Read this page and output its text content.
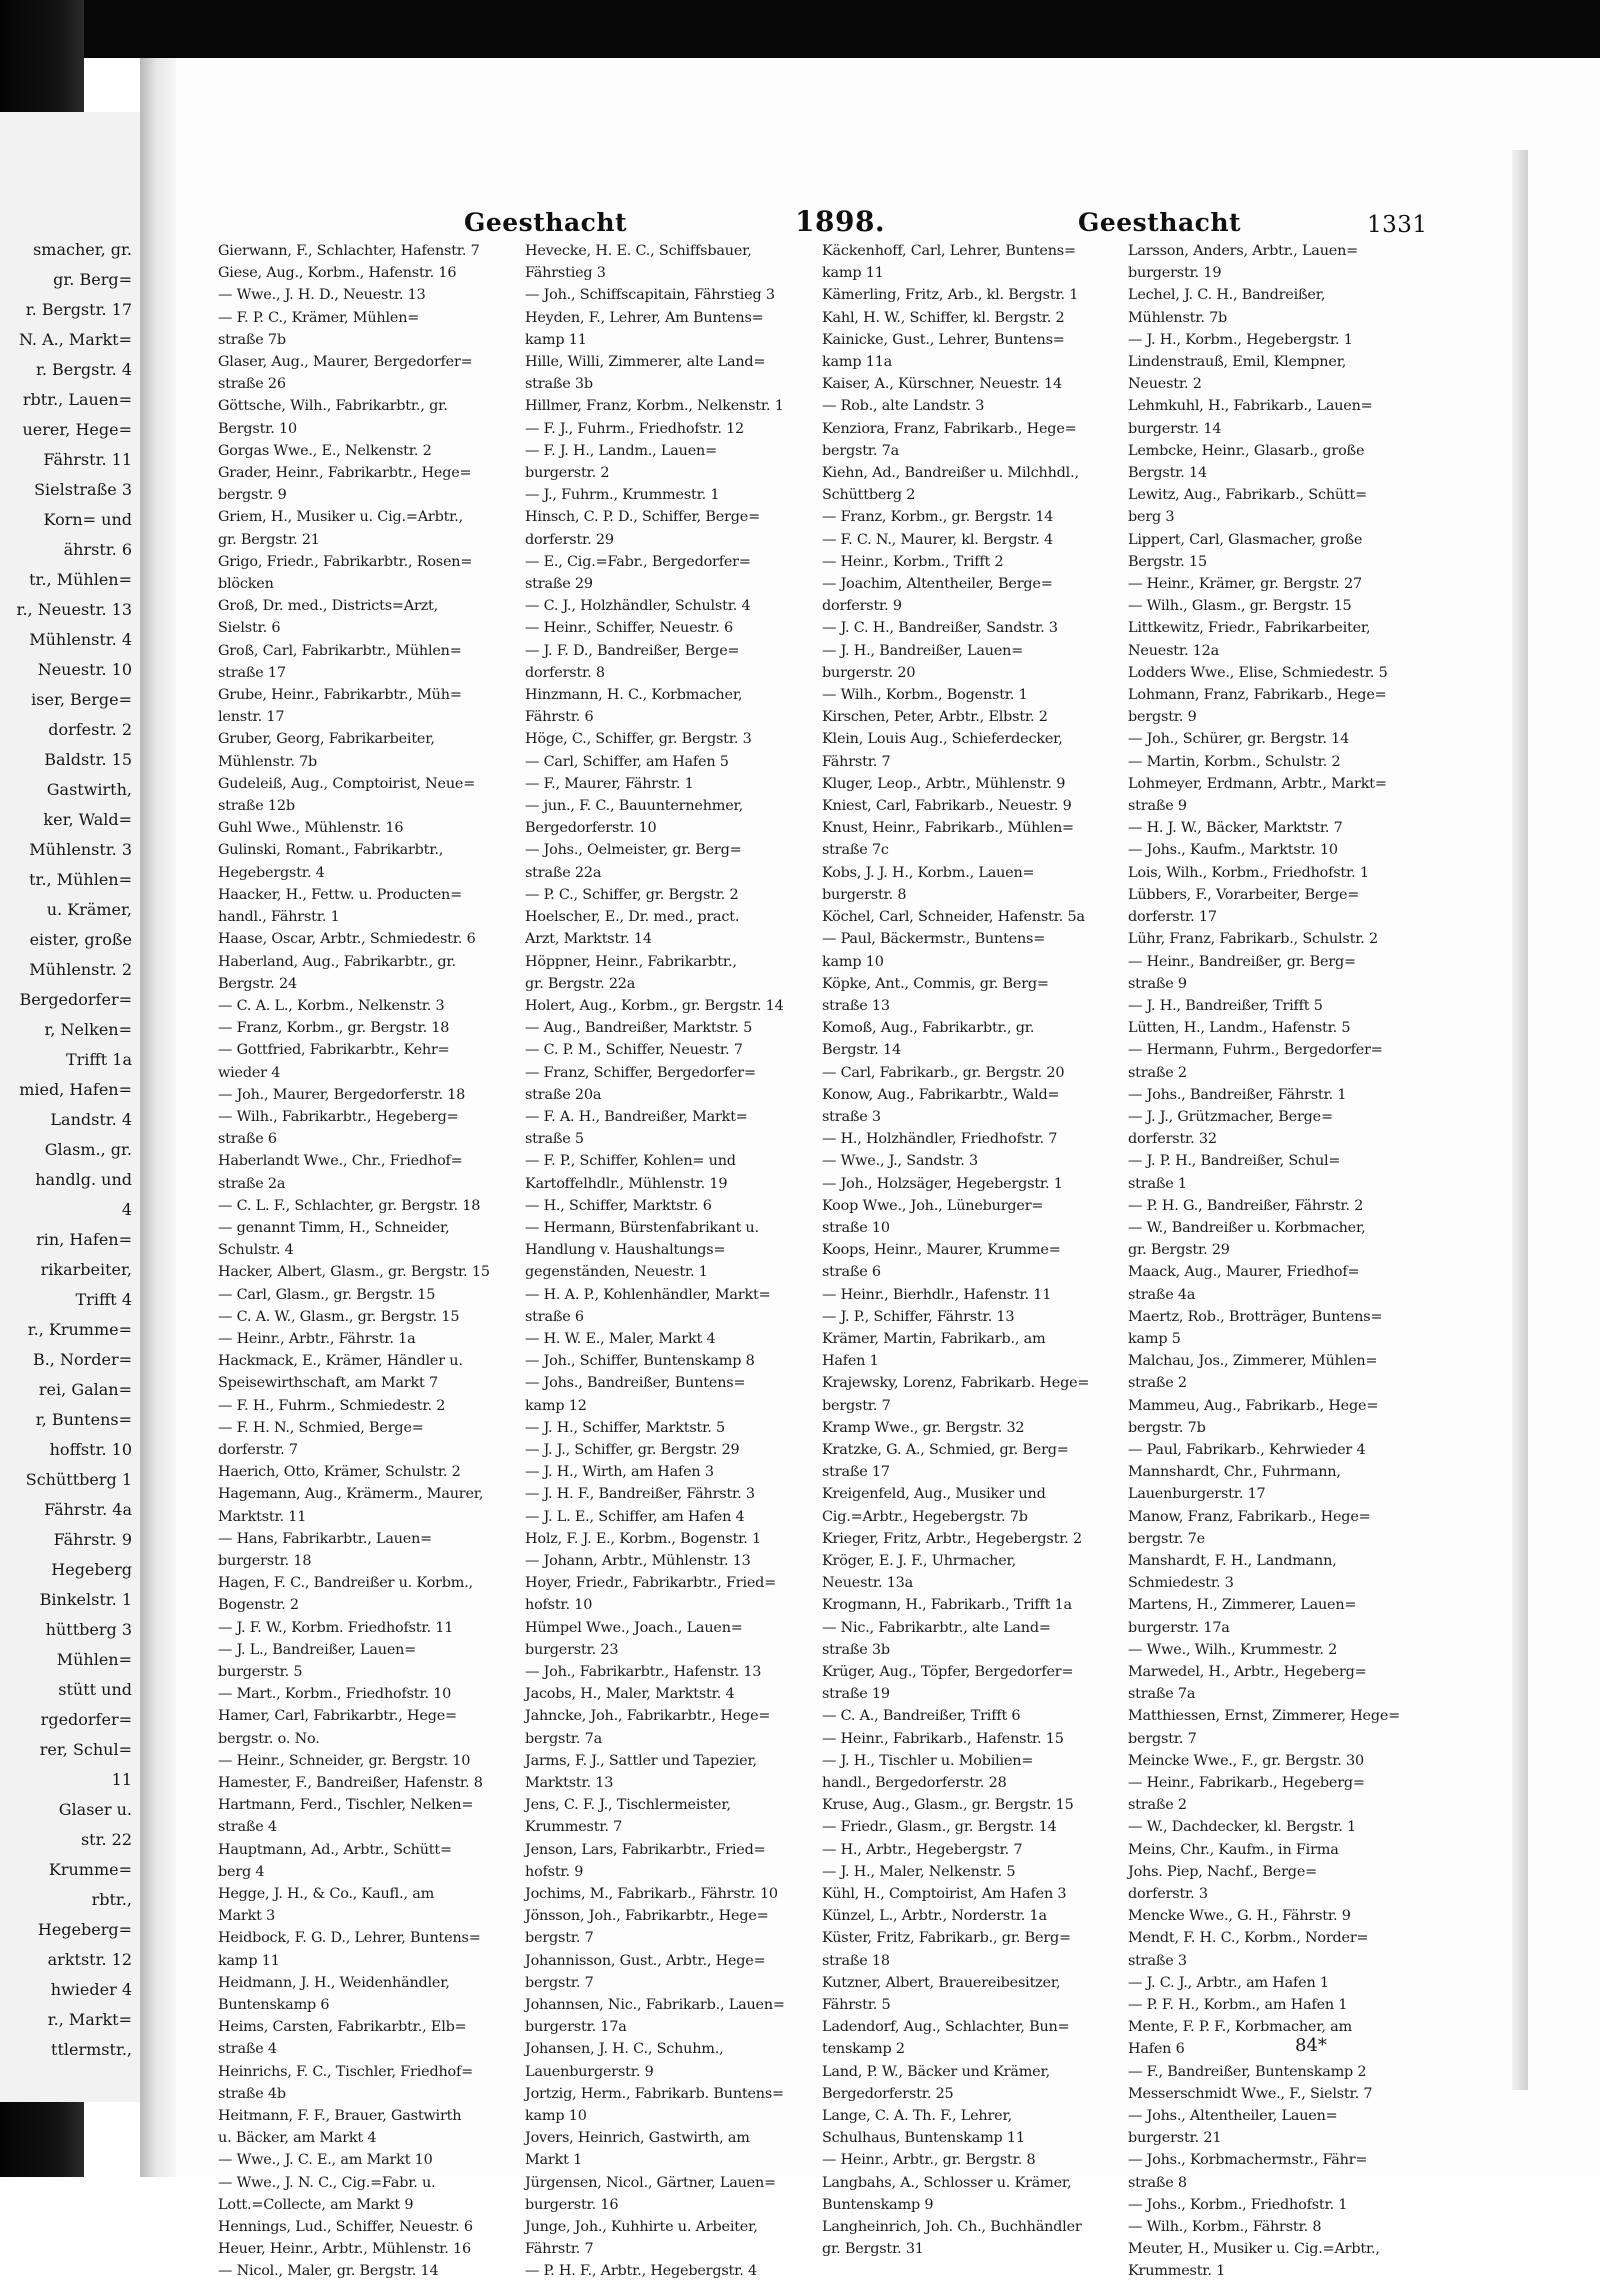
smacher, gr.
gr. Berg=
r. Bergstr. 17
N. A., Markt=
r. Bergstr. 4
rbtr., Lauen=
uerer, Hege=
Fährstr. 11
Sielstraße 3
Korn= und
ährstr. 6
tr., Mühlen=
r., Neuestr. 13
Mühlenstr. 4
Neuestr. 10
iser, Berge=
dorfestr. 2
Baldstr. 15
Gastwirth,
ker, Wald=
Mühlenstr. 3
tr., Mühlen=
u. Krämer,
eister, große
Mühlenstr. 2
Bergedorfer=
r, Nelken=
Trifft 1a
mied, Hafen=
Landstr. 4
Glasm., gr.
handlg. und
4
rin, Hafen=
rikarbeiter,
Trifft 4
r., Krumme=
B., Norder=
rei, Galan=
r, Buntens=
hoffstr. 10
Schüttberg 1
Fährstr. 4a
Fährstr. 9
Hegeberg
Binkelstr. 1
hüttberg 3
Mühlen=
stütt und
rgedorfer=
rer, Schul=
11
Glaser u.
str. 22
Krumme=
rbtr.,
Hegeberg=
arktstr. 12
hwieder 4
r., Markt=
ttlermstr.,
Geesthacht	1898.	Geesthacht	1331
Gierwann, F., Schlachter, Hafenstr. 7
Giese, Aug., Korbm., Hafenstr. 16
— Wwe., J. H. D., Neuestr. 13
— F. P. C., Krämer, Mühlen=
straße 7b
Glaser, Aug., Maurer, Bergedorfer=
straße 26
Göttsche, Wilh., Fabrikarbtr., gr.
Bergstr. 10
Gorgas Wwe., E., Nelkenstr. 2
Grader, Heinr., Fabrikarbtr., Hege=
bergstr. 9
Griem, H., Musiker u. Cig.=Arbtr.,
gr. Bergstr. 21
Grigo, Friedr., Fabrikarbtr., Rosen=
blöcken
Groß, Dr. med., Districts=Arzt,
Sielstr. 6
Groß, Carl, Fabrikarbtr., Mühlen=
straße 17
Grube, Heinr., Fabrikarbtr., Müh=
lenstr. 17
Gruber, Georg, Fabrikarbeiter,
Mühlenstr. 7b
Gudeleiß, Aug., Comptoirist, Neue=
straße 12b
Guhl Wwe., Mühlenstr. 16
Gulinski, Romant., Fabrikarbtr.,
Hegebergstr. 4
Haacker, H., Fettw. u. Producten=
handl., Fährstr. 1
Haase, Oscar, Arbtr., Schmiedestr. 6
Haberland, Aug., Fabrikarbtr., gr.
Bergstr. 24
— C. A. L., Korbm., Nelkenstr. 3
— Franz, Korbm., gr. Bergstr. 18
— Gottfried, Fabrikarbtr., Kehr=
wieder 4
— Joh., Maurer, Bergedorferstr. 18
— Wilh., Fabrikarbtr., Hegeberg=
straße 6
Haberlandt Wwe., Chr., Friedhof=
straße 2a
— C. L. F., Schlachter, gr. Bergstr. 18
— genannt Timm, H., Schneider,
Schulstr. 4
Hacker, Albert, Glasm., gr. Bergstr. 15
— Carl, Glasm., gr. Bergstr. 15
— C. A. W., Glasm., gr. Bergstr. 15
— Heinr., Arbtr., Fährstr. 1a
Hackmack, E., Krämer, Händler u.
Speisewirthschaft, am Markt 7
— F. H., Fuhrm., Schmiedestr. 2
— F. H. N., Schmied, Berge=
dorferstr. 7
Haerich, Otto, Krämer, Schulstr. 2
Hagemann, Aug., Krämerm., Maurer,
Marktstr. 11
— Hans, Fabrikarbtr., Lauen=
burgerstr. 18
Hagen, F. C., Bandreißer u. Korbm.,
Bogenstr. 2
— J. F. W., Korbm. Friedhofstr. 11
— J. L., Bandreißer, Lauen=
burgerstr. 5
— Mart., Korbm., Friedhofstr. 10
Hamer, Carl, Fabrikarbtr., Hege=
bergstr. o. No.
— Heinr., Schneider, gr. Bergstr. 10
Hamester, F., Bandreißer, Hafenstr. 8
Hartmann, Ferd., Tischler, Nelken=
straße 4
Hauptmann, Ad., Arbtr., Schütt=
berg 4
Hegge, J. H., & Co., Kaufl., am
Markt 3
Heidbock, F. G. D., Lehrer, Buntens=
kamp 11
Heidmann, J. H., Weidenhändler,
Buntenskamp 6
Heims, Carsten, Fabrikarbtr., Elb=
straße 4
Heinrichs, F. C., Tischler, Friedhof=
straße 4b
Heitmann, F. F., Brauer, Gastwirth
u. Bäcker, am Markt 4
— Wwe., J. C. E., am Markt 10
— Wwe., J. N. C., Cig.=Fabr. u.
Lott.=Collecte, am Markt 9
Hennings, Lud., Schiffer, Neuestr. 6
Heuer, Heinr., Arbtr., Mühlenstr. 16
— Nicol., Maler, gr. Bergstr. 14
Hevecke, H. E. C., Schiffsbauer,
Fährstieg 3
— Joh., Schiffscapitain, Fährstieg 3
Heyden, F., Lehrer, Am Buntens=
kamp 11
Hille, Willi, Zimmerer, alte Land=
straße 3b
Hillmer, Franz, Korbm., Nelkenstr. 1
— F. J., Fuhrm., Friedhofstr. 12
— F. J. H., Landm., Lauen=
burgerstr. 2
— J., Fuhrm., Krummestr. 1
Hinsch, C. P. D., Schiffer, Berge=
dorferstr. 29
— E., Cig.=Fabr., Bergedorfer=
straße 29
— C. J., Holzhändler, Schulstr. 4
— Heinr., Schiffer, Neuestr. 6
— J. F. D., Bandreißer, Berge=
dorferstr. 8
Hinzmann, H. C., Korbmacher,
Fährstr. 6
Höge, C., Schiffer, gr. Bergstr. 3
— Carl, Schiffer, am Hafen 5
— F., Maurer, Fährstr. 1
— jun., F. C., Bauunternehmer,
Bergedorferstr. 10
— Johs., Oelmeister, gr. Berg=
straße 22a
— P. C., Schiffer, gr. Bergstr. 2
Hoelscher, E., Dr. med., pract.
Arzt, Marktstr. 14
Höppner, Heinr., Fabrikarbtr.,
gr. Bergstr. 22a
Holert, Aug., Korbm., gr. Bergstr. 14
— Aug., Bandreißer, Marktstr. 5
— C. P. M., Schiffer, Neuestr. 7
— Franz, Schiffer, Bergedorfer=
straße 20a
— F. A. H., Bandreißer, Markt=
straße 5
— F. P., Schiffer, Kohlen= und
Kartoffelhdlr., Mühlenstr. 19
— H., Schiffer, Marktstr. 6
— Hermann, Bürstenfabrikant u.
Handlung v. Haushaltungs=
gegenständen, Neuestr. 1
— H. A. P., Kohlenhändler, Markt=
straße 6
— H. W. E., Maler, Markt 4
— Joh., Schiffer, Buntenskamp 8
— Johs., Bandreißer, Buntens=
kamp 12
— J. H., Schiffer, Marktstr. 5
— J. J., Schiffer, gr. Bergstr. 29
— J. H., Wirth, am Hafen 3
— J. H. F., Bandreißer, Fährstr. 3
— J. L. E., Schiffer, am Hafen 4
Holz, F. J. E., Korbm., Bogenstr. 1
— Johann, Arbtr., Mühlenstr. 13
Hoyer, Friedr., Fabrikarbtr., Fried=
hofstr. 10
Hümpel Wwe., Joach., Lauen=
burgerstr. 23
— Joh., Fabrikarbtr., Hafenstr. 13
Jacobs, H., Maler, Marktstr. 4
Jahncke, Joh., Fabrikarbtr., Hege=
bergstr. 7a
Jarms, F. J., Sattler und Tapezier,
Marktstr. 13
Jens, C. F. J., Tischlermeister,
Krummestr. 7
Jenson, Lars, Fabrikarbtr., Fried=
hofstr. 9
Jochims, M., Fabrikarb., Fährstr. 10
Jönsson, Joh., Fabrikarbtr., Hege=
bergstr. 7
Johannisson, Gust., Arbtr., Hege=
bergstr. 7
Johannsen, Nic., Fabrikarb., Lauen=
burgerstr. 17a
Johansen, J. H. C., Schuhm.,
Lauenburgerstr. 9
Jortzig, Herm., Fabrikarb. Buntens=
kamp 10
Jovers, Heinrich, Gastwirth, am
Markt 1
Jürgensen, Nicol., Gärtner, Lauen=
burgerstr. 16
Junge, Joh., Kuhhirte u. Arbeiter,
Fährstr. 7
— P. H. F., Arbtr., Hegebergstr. 4
Käckenhoff, Carl, Lehrer, Buntens=
kamp 11
Kämerling, Fritz, Arb., kl. Bergstr. 1
Kahl, H. W., Schiffer, kl. Bergstr. 2
Kainicke, Gust., Lehrer, Buntens=
kamp 11a
Kaiser, A., Kürschner, Neuestr. 14
— Rob., alte Landstr. 3
Kenziora, Franz, Fabrikarb., Hege=
bergstr. 7a
Kiehn, Ad., Bandreißer u. Milchhdl.,
Schüttberg 2
— Franz, Korbm., gr. Bergstr. 14
— F. C. N., Maurer, kl. Bergstr. 4
— Heinr., Korbm., Trifft 2
— Joachim, Altentheiler, Berge=
dorferstr. 9
— J. C. H., Bandreißer, Sandstr. 3
— J. H., Bandreißer, Lauen=
burgerstr. 20
— Wilh., Korbm., Bogenstr. 1
Kirschen, Peter, Arbtr., Elbstr. 2
Klein, Louis Aug., Schieferdecker,
Fährstr. 7
Kluger, Leop., Arbtr., Mühlenstr. 9
Kniest, Carl, Fabrikarb., Neuestr. 9
Knust, Heinr., Fabrikarb., Mühlen=
straße 7c
Kobs, J. J. H., Korbm., Lauen=
burgerstr. 8
Köchel, Carl, Schneider, Hafenstr. 5a
— Paul, Bäckermstr., Buntens=
kamp 10
Köpke, Ant., Commis, gr. Berg=
straße 13
Komoß, Aug., Fabrikarbtr., gr.
Bergstr. 14
— Carl, Fabrikarb., gr. Bergstr. 20
Konow, Aug., Fabrikarbtr., Wald=
straße 3
— H., Holzhändler, Friedhofstr. 7
— Wwe., J., Sandstr. 3
— Joh., Holzsäger, Hegebergstr. 1
Koop Wwe., Joh., Lüneburger=
straße 10
Koops, Heinr., Maurer, Krumme=
straße 6
— Heinr., Bierhdlr., Hafenstr. 11
— J. P., Schiffer, Fährstr. 13
Krämer, Martin, Fabrikarb., am
Hafen 1
Krajewsky, Lorenz, Fabrikarb. Hege=
bergstr. 7
Kramp Wwe., gr. Bergstr. 32
Kratzke, G. A., Schmied, gr. Berg=
straße 17
Kreigenfeld, Aug., Musiker und
Cig.=Arbtr., Hegebergstr. 7b
Krieger, Fritz, Arbtr., Hegebergstr. 2
Kröger, E. J. F., Uhrmacher,
Neuestr. 13a
Krogmann, H., Fabrikarb., Trifft 1a
— Nic., Fabrikarbtr., alte Land=
straße 3b
Krüger, Aug., Töpfer, Bergedorfer=
straße 19
— C. A., Bandreißer, Trifft 6
— Heinr., Fabrikarb., Hafenstr. 15
— J. H., Tischler u. Mobilien=
handl., Bergedorferstr. 28
Kruse, Aug., Glasm., gr. Bergstr. 15
— Friedr., Glasm., gr. Bergstr. 14
— H., Arbtr., Hegebergstr. 7
— J. H., Maler, Nelkenstr. 5
Kühl, H., Comptoirist, Am Hafen 3
Künzel, L., Arbtr., Norderstr. 1a
Küster, Fritz, Fabrikarb., gr. Berg=
straße 18
Kutzner, Albert, Brauereibesitzer,
Fährstr. 5
Ladendorf, Aug., Schlachter, Bun=
tenskamp 2
Land, P. W., Bäcker und Krämer,
Bergedorferstr. 25
Lange, C. A. Th. F., Lehrer,
Schulhaus, Buntenskamp 11
— Heinr., Arbtr., gr. Bergstr. 8
Langbahs, A., Schlosser u. Krämer,
Buntenskamp 9
Langheinrich, Joh. Ch., Buchhändler
gr. Bergstr. 31
Larsson, Anders, Arbtr., Lauen=
burgerstr. 19
Lechel, J. C. H., Bandreißer,
Mühlenstr. 7b
— J. H., Korbm., Hegebergstr. 1
Lindenstrauß, Emil, Klempner,
Neuestr. 2
Lehmkuhl, H., Fabrikarb., Lauen=
burgerstr. 14
Lembcke, Heinr., Glasarb., große
Bergstr. 14
Lewitz, Aug., Fabrikarb., Schütt=
berg 3
Lippert, Carl, Glasmacher, große
Bergstr. 15
— Heinr., Krämer, gr. Bergstr. 27
— Wilh., Glasm., gr. Bergstr. 15
Littkewitz, Friedr., Fabrikarbeiter,
Neuestr. 12a
Lodders Wwe., Elise, Schmiedestr. 5
Lohmann, Franz, Fabrikarb., Hege=
bergstr. 9
— Joh., Schürer, gr. Bergstr. 14
— Martin, Korbm., Schulstr. 2
Lohmeyer, Erdmann, Arbtr., Markt=
straße 9
— H. J. W., Bäcker, Marktstr. 7
— Johs., Kaufm., Marktstr. 10
Lois, Wilh., Korbm., Friedhofstr. 1
Lübbers, F., Vorarbeiter, Berge=
dorferstr. 17
Lühr, Franz, Fabrikarb., Schulstr. 2
— Heinr., Bandreißer, gr. Berg=
straße 9
— J. H., Bandreißer, Trifft 5
Lütten, H., Landm., Hafenstr. 5
— Hermann, Fuhrm., Bergedorfer=
straße 2
— Johs., Bandreißer, Fährstr. 1
— J. J., Grützmacher, Berge=
dorferstr. 32
— J. P. H., Bandreißer, Schul=
straße 1
— P. H. G., Bandreißer, Fährstr. 2
— W., Bandreißer u. Korbmacher,
gr. Bergstr. 29
Maack, Aug., Maurer, Friedhof=
straße 4a
Maertz, Rob., Brotträger, Buntens=
kamp 5
Malchau, Jos., Zimmerer, Mühlen=
straße 2
Mammeu, Aug., Fabrikarb., Hege=
bergstr. 7b
— Paul, Fabrikarb., Kehrwieder 4
Mannshardt, Chr., Fuhrmann,
Lauenburgerstr. 17
Manow, Franz, Fabrikarb., Hege=
bergstr. 7e
Manshardt, F. H., Landmann,
Schmiedestr. 3
Martens, H., Zimmerer, Lauen=
burgerstr. 17a
— Wwe., Wilh., Krummestr. 2
Marwedel, H., Arbtr., Hegeberg=
straße 7a
Matthiessen, Ernst, Zimmerer, Hege=
bergstr. 7
Meincke Wwe., F., gr. Bergstr. 30
— Heinr., Fabrikarb., Hegeberg=
straße 2
— W., Dachdecker, kl. Bergstr. 1
Meins, Chr., Kaufm., in Firma
Johs. Piep, Nachf., Berge=
dorferstr. 3
Mencke Wwe., G. H., Fährstr. 9
Mendt, F. H. C., Korbm., Norder=
straße 3
— J. C. J., Arbtr., am Hafen 1
— P. F. H., Korbm., am Hafen 1
Mente, F. P. F., Korbmacher, am
Hafen 6
— F., Bandreißer, Buntenskamp 2
Messerschmidt Wwe., F., Sielstr. 7
— Johs., Altentheiler, Lauen=
burgerstr. 21
— Johs., Korbmachermstr., Fähr=
straße 8
— Johs., Korbm., Friedhofstr. 1
— Wilh., Korbm., Fährstr. 8
Meuter, H., Musiker u. Cig.=Arbtr.,
Krummestr. 1
84*
